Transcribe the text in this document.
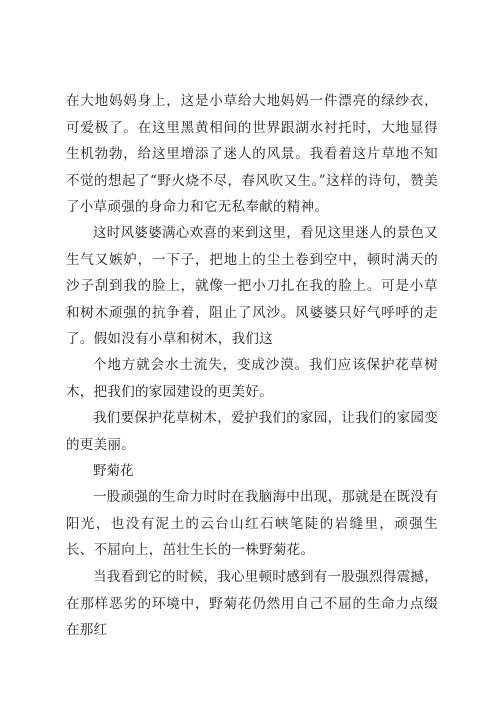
在大地妈妈身上，这是小草给大地妈妈一件漂亮的绿纱衣，可爱极了。在这里黑黄相间的世界跟湖水衬托时，大地显得生机勃勃，给这里增添了迷人的风景。我看着这片草地不知不觉的想起了“野火烧不尽，春风吹又生。”这样的诗句，赞美了小草顽强的身命力和它无私奉献的精神。

这时风婆婆满心欢喜的来到这里，看见这里迷人的景色又生气又嫉妒，一下子，把地上的尘土卷到空中，顿时满天的沙子刮到我的脸上，就像一把小刀扎在我的脸上。可是小草和树木顽强的抗争着，阻止了风沙。风婆婆只好气呼呼的走了。假如没有小草和树木，我们这

个地方就会水土流失，变成沙漠。我们应该保护花草树木，把我们的家园建设的更美好。

我们要保护花草树木，爱护我们的家园，让我们的家园变的更美丽。

野菊花

一股顽强的生命力时时在我脑海中出现，那就是在既没有阳光，也没有泥土的云台山红石峡笔陡的岩缝里，顽强生长、不屈向上，茁壮生长的一株野菊花。

当我看到它的时候，我心里顿时感到有一股强烈得震撼，在那样恶劣的环境中，野菊花仍然用自己不屈的生命力点缀在那红
